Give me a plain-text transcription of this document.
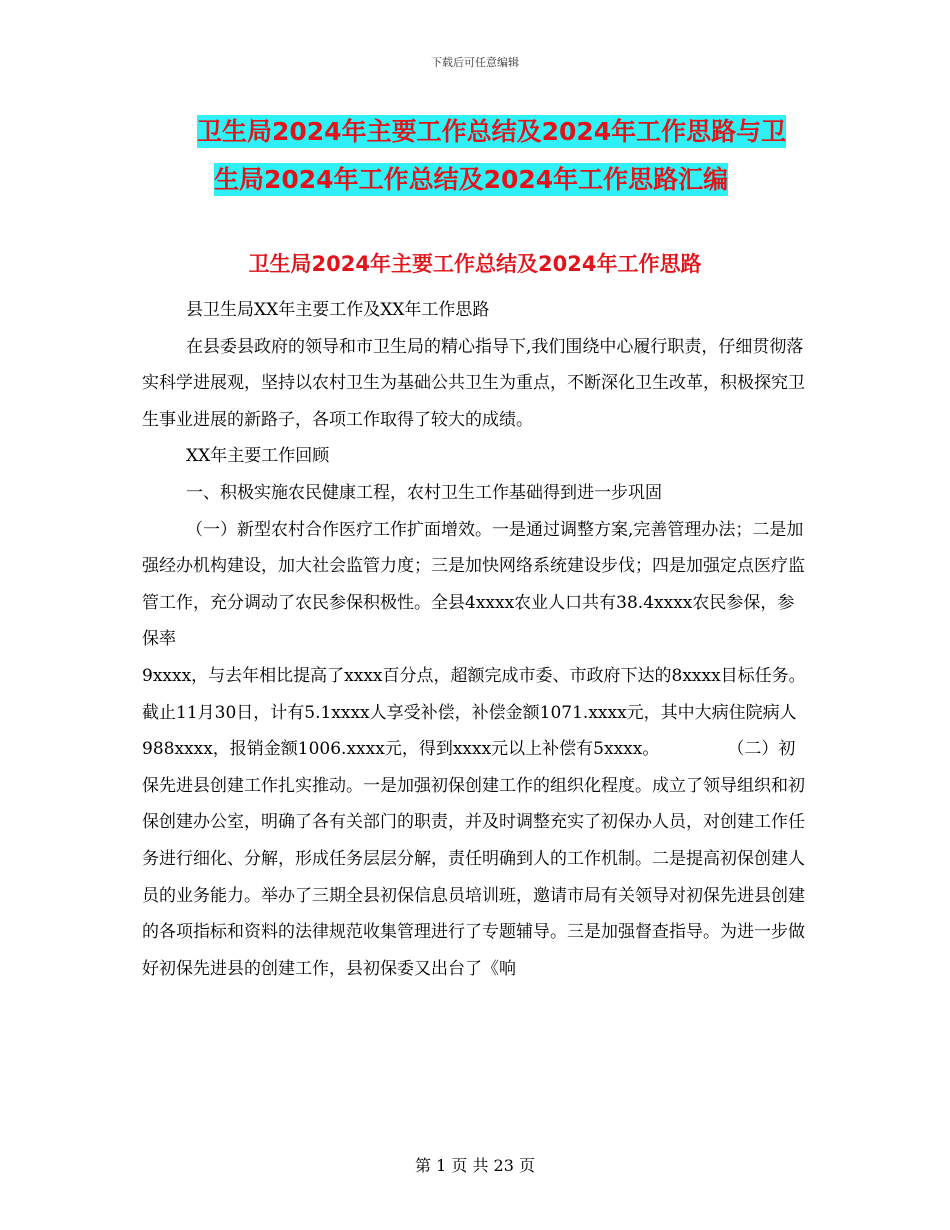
下载后可任意编辑
卫生局2024年主要工作总结及2024年工作思路与卫
生局2024年工作总结及2024年工作思路汇编
卫生局2024年主要工作总结及2024年工作思路

县卫生局XX年主要工作及XX年工作思路

在县委县政府的领导和市卫生局的精心指导下,我们围绕中心履行职责，仔细贯彻落实科学进展观，坚持以农村卫生为基础公共卫生为重点，不断深化卫生改革，积极探究卫生事业进展的新路子，各项工作取得了较大的成绩。

XX年主要工作回顾

一、积极实施农民健康工程，农村卫生工作基础得到进一步巩固

（一）新型农村合作医疗工作扩面增效。一是通过调整方案,完善管理办法；二是加强经办机构建设，加大社会监管力度；三是加快网络系统建设步伐；四是加强定点医疗监管工作，充分调动了农民参保积极性。全县4xxxx农业人口共有38.4xxxx农民参保，参保率

9xxxx，与去年相比提高了xxxx百分点，超额完成市委、市政府下达的8xxxx目标任务。截止11月30日，计有5.1xxxx人享受补偿，补偿金额1071.xxxx元，其中大病住院病人988xxxx，报销金额1006.xxxx元，得到xxxx元以上补偿有5xxxx。　　　　　（二）初保先进县创建工作扎实推动。一是加强初保创建工作的组织化程度。成立了领导组织和初保创建办公室，明确了各有关部门的职责，并及时调整充实了初保办人员，对创建工作任务进行细化、分解，形成任务层层分解，责任明确到人的工作机制。二是提高初保创建人员的业务能力。举办了三期全县初保信息员培训班，邀请市局有关领导对初保先进县创建的各项指标和资料的法律规范收集管理进行了专题辅导。三是加强督查指导。为进一步做好初保先进县的创建工作，县初保委又出台了《响

第 1 页 共 23 页
